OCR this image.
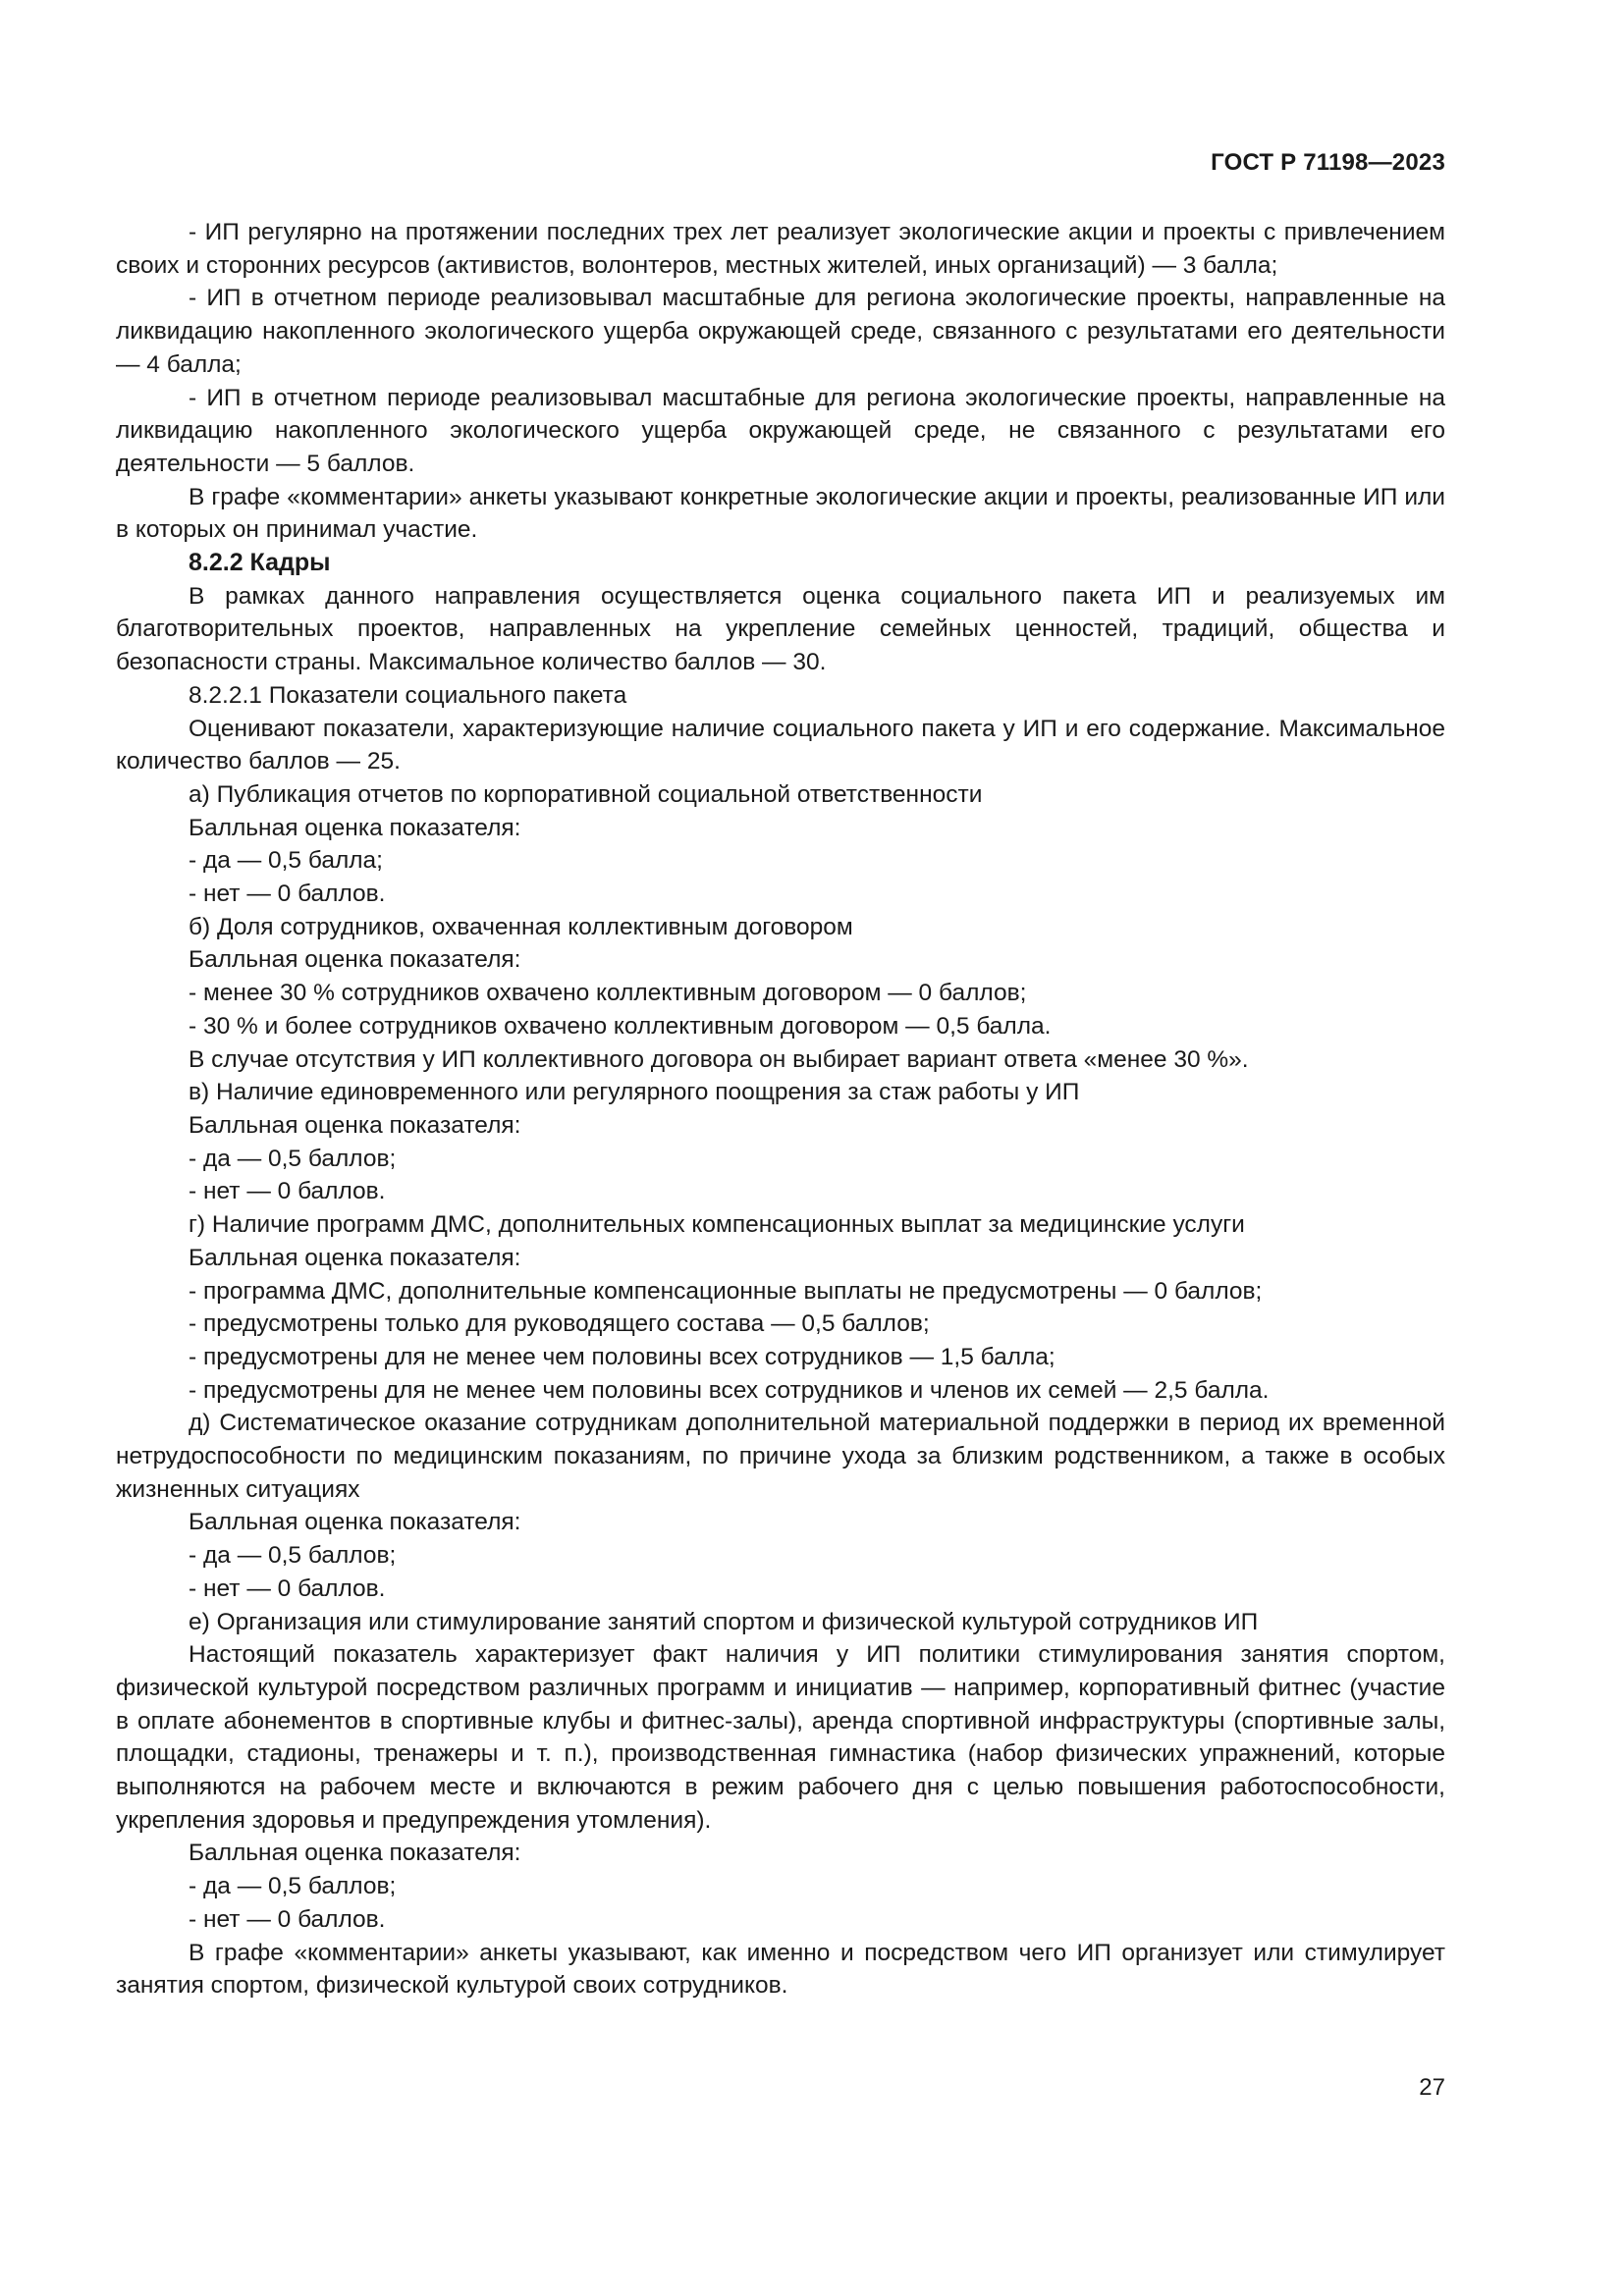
ГОСТ Р 71198—2023

- ИП регулярно на протяжении последних трех лет реализует экологические акции и проекты с привлечением своих и сторонних ресурсов (активистов, волонтеров, местных жителей, иных организаций) — 3 балла;

- ИП в отчетном периоде реализовывал масштабные для региона экологические проекты, направленные на ликвидацию накопленного экологического ущерба окружающей среде, связанного с результатами его деятельности — 4 балла;

- ИП в отчетном периоде реализовывал масштабные для региона экологические проекты, направленные на ликвидацию накопленного экологического ущерба окружающей среде, не связанного с результатами его деятельности — 5 баллов.

В графе «комментарии» анкеты указывают конкретные экологические акции и проекты, реализованные ИП или в которых он принимал участие.

8.2.2 Кадры

В рамках данного направления осуществляется оценка социального пакета ИП и реализуемых им благотворительных проектов, направленных на укрепление семейных ценностей, традиций, общества и безопасности страны. Максимальное количество баллов — 30.

8.2.2.1 Показатели социального пакета

Оценивают показатели, характеризующие наличие социального пакета у ИП и его содержание. Максимальное количество баллов — 25.

а) Публикация отчетов по корпоративной социальной ответственности

Балльная оценка показателя:

- да — 0,5 балла;

- нет — 0 баллов.

б) Доля сотрудников, охваченная коллективным договором

Балльная оценка показателя:

- менее 30 % сотрудников охвачено коллективным договором — 0 баллов;

- 30 % и более сотрудников охвачено коллективным договором — 0,5 балла.

В случае отсутствия у ИП коллективного договора он выбирает вариант ответа «менее 30 %».

в) Наличие единовременного или регулярного поощрения за стаж работы у ИП

Балльная оценка показателя:

- да — 0,5 баллов;

- нет — 0 баллов.

г) Наличие программ ДМС, дополнительных компенсационных выплат за медицинские услуги

Балльная оценка показателя:

- программа ДМС, дополнительные компенсационные выплаты не предусмотрены — 0 баллов;

- предусмотрены только для руководящего состава — 0,5 баллов;

- предусмотрены для не менее чем половины всех сотрудников — 1,5 балла;

- предусмотрены для не менее чем половины всех сотрудников и членов их семей — 2,5 балла.

д) Систематическое оказание сотрудникам дополнительной материальной поддержки в период их временной нетрудоспособности по медицинским показаниям, по причине ухода за близким родственником, а также в особых жизненных ситуациях

Балльная оценка показателя:

- да — 0,5 баллов;

- нет — 0 баллов.

е) Организация или стимулирование занятий спортом и физической культурой сотрудников ИП

Настоящий показатель характеризует факт наличия у ИП политики стимулирования занятия спортом, физической культурой посредством различных программ и инициатив — например, корпоративный фитнес (участие в оплате абонементов в спортивные клубы и фитнес-залы), аренда спортивной инфраструктуры (спортивные залы, площадки, стадионы, тренажеры и т. п.), производственная гимнастика (набор физических упражнений, которые выполняются на рабочем месте и включаются в режим рабочего дня с целью повышения работоспособности, укрепления здоровья и предупреждения утомления).

Балльная оценка показателя:

- да — 0,5 баллов;

- нет — 0 баллов.

В графе «комментарии» анкеты указывают, как именно и посредством чего ИП организует или стимулирует занятия спортом, физической культурой своих сотрудников.

27
